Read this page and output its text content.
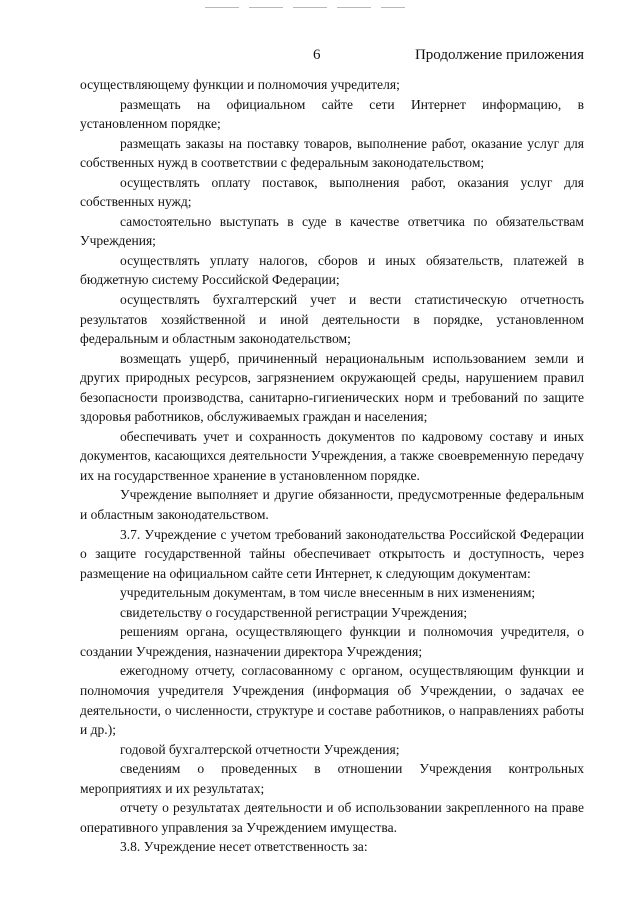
6	Продолжение приложения

осуществляющему функции и полномочия учредителя;

размещать на официальном сайте сети Интернет информацию, в установленном порядке;

размещать заказы на поставку товаров, выполнение работ, оказание услуг для собственных нужд в соответствии с федеральным законодательством;

осуществлять оплату поставок, выполнения работ, оказания услуг для собственных нужд;

самостоятельно выступать в суде в качестве ответчика по обязательствам Учреждения;

осуществлять уплату налогов, сборов и иных обязательств, платежей в бюджетную систему Российской Федерации;

осуществлять бухгалтерский учет и вести статистическую отчетность результатов хозяйственной и иной деятельности в порядке, установленном федеральным и областным законодательством;

возмещать ущерб, причиненный нерациональным использованием земли и других природных ресурсов, загрязнением окружающей среды, нарушением правил безопасности производства, санитарно-гигиенических норм и требований по защите здоровья работников, обслуживаемых граждан и населения;

обеспечивать учет и сохранность документов по кадровому составу и иных документов, касающихся деятельности Учреждения, а также своевременную передачу их на государственное хранение в установленном порядке.

Учреждение выполняет и другие обязанности, предусмотренные федеральным и областным законодательством.

3.7. Учреждение с учетом требований законодательства Российской Федерации о защите государственной тайны обеспечивает открытость и доступность, через размещение на официальном сайте сети Интернет, к следующим документам:

учредительным документам, в том числе внесенным в них изменениям;

свидетельству о государственной регистрации Учреждения;

решениям органа, осуществляющего функции и полномочия учредителя, о создании Учреждения, назначении директора Учреждения;

ежегодному отчету, согласованному с органом, осуществляющим функции и полномочия учредителя Учреждения (информация об Учреждении, о задачах ее деятельности, о численности, структуре и составе работников, о направлениях работы и др.);

годовой бухгалтерской отчетности Учреждения;

сведениям о проведенных в отношении Учреждения контрольных мероприятиях и их результатах;

отчету о результатах деятельности и об использовании закрепленного на праве оперативного управления за Учреждением имущества.

3.8. Учреждение несет ответственность за:
